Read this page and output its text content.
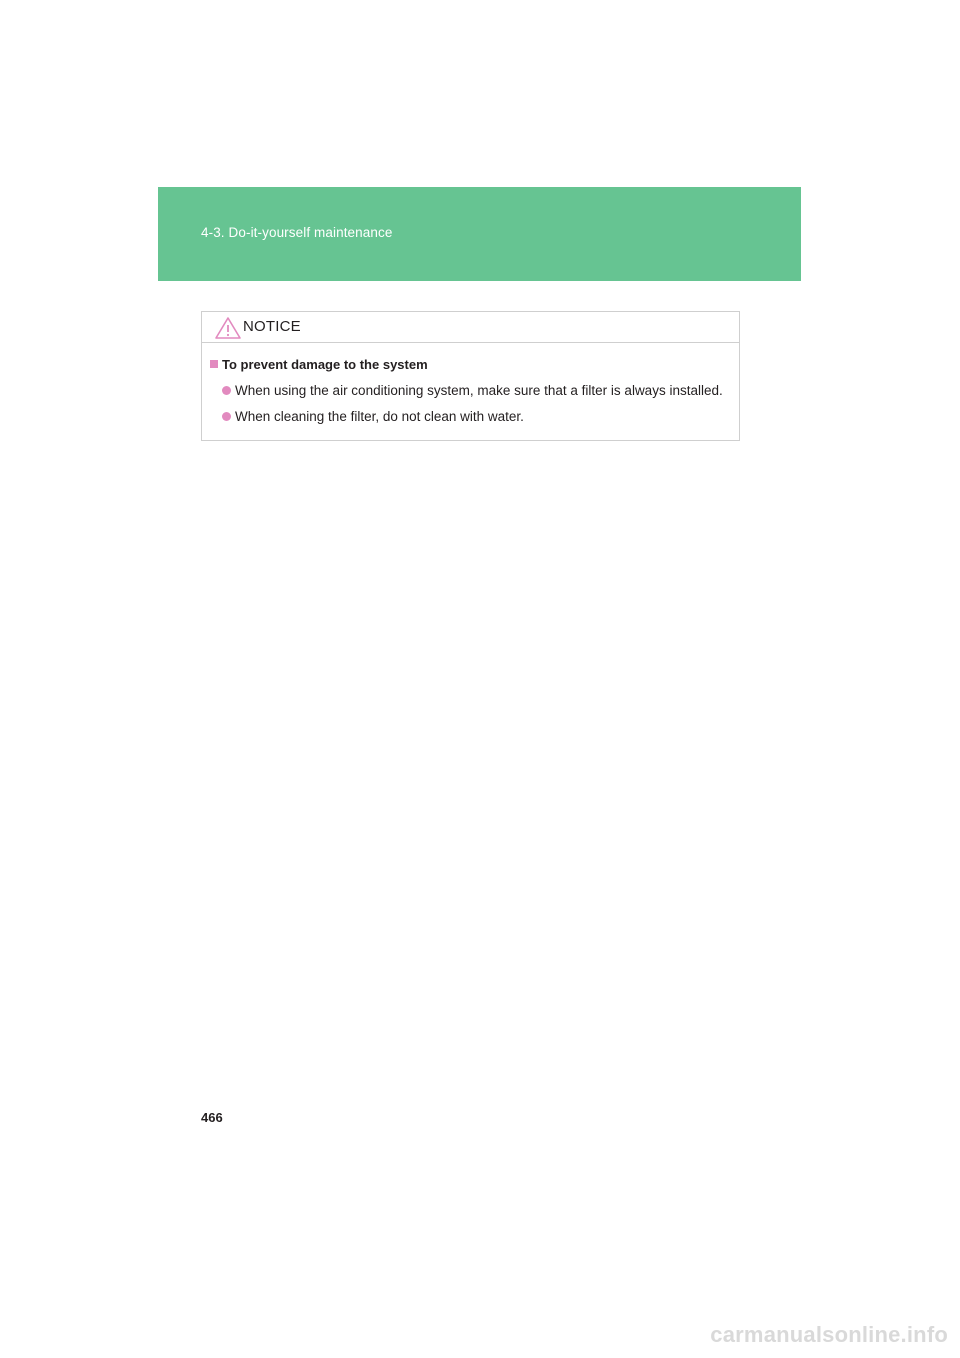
4-3. Do-it-yourself maintenance
NOTICE
To prevent damage to the system
When using the air conditioning system, make sure that a filter is always installed.
When cleaning the filter, do not clean with water.
466
carmanualsonline.info
